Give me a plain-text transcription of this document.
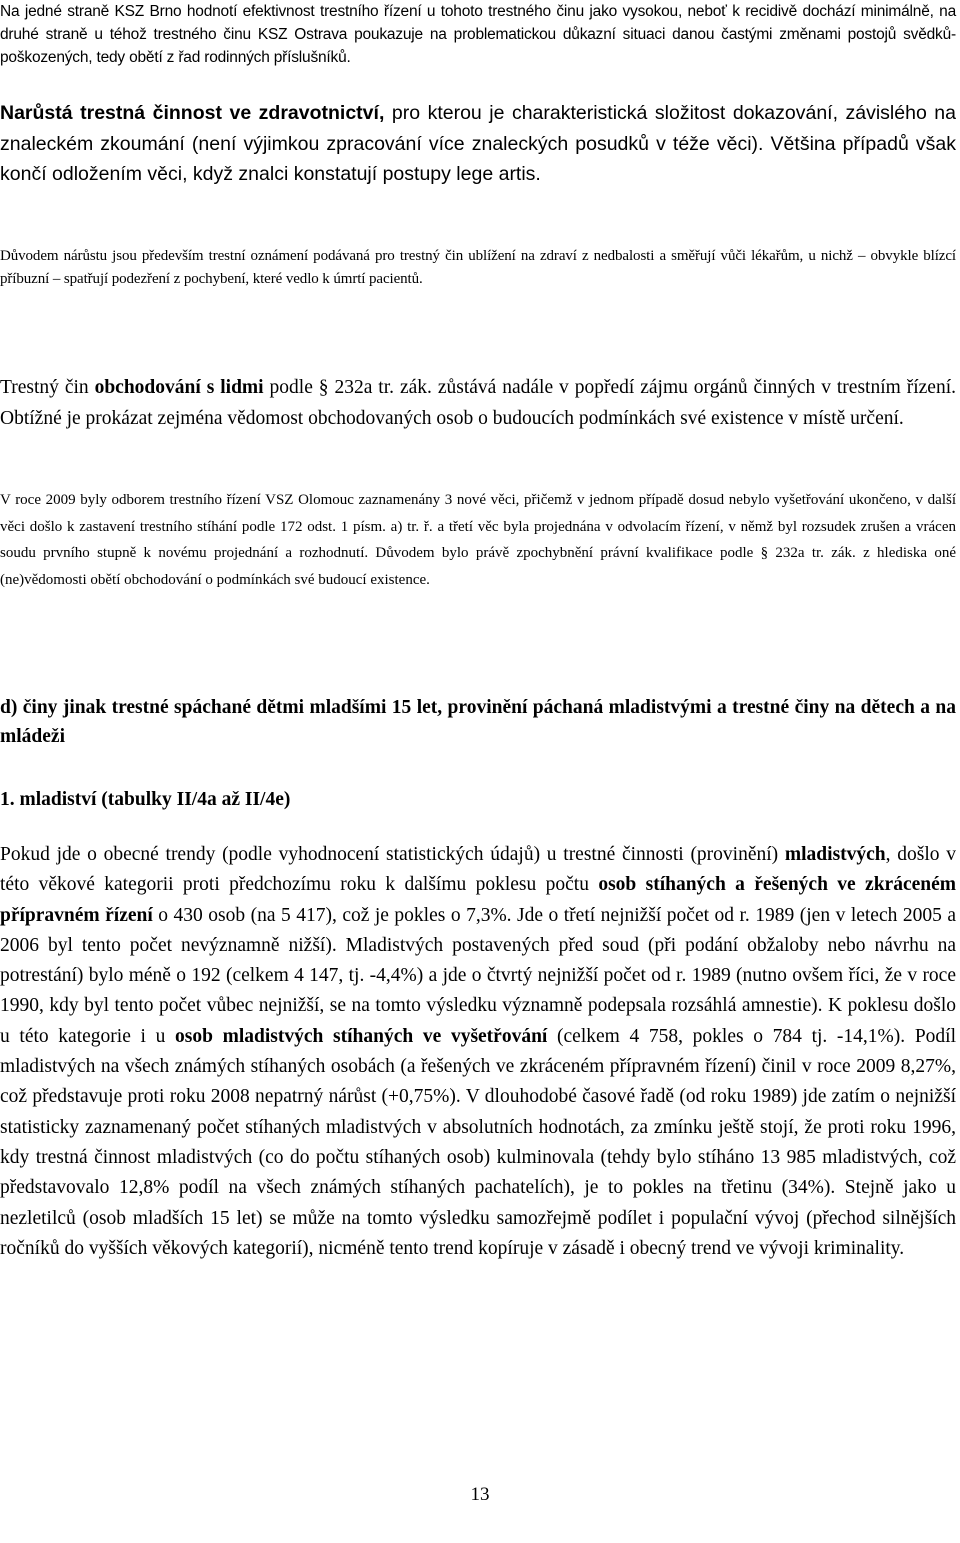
Na jedné straně KSZ Brno hodnotí efektivnost trestního řízení u tohoto trestného činu jako vysokou, neboť k recidivě dochází minimálně, na druhé straně u téhož trestného činu KSZ Ostrava poukazuje na problematickou důkazní situaci danou častými změnami postojů svědků-poškozených, tedy obětí z řad rodinných příslušníků.

Narůstá trestná činnost ve zdravotnictví, pro kterou je charakteristická složitost dokazování, závislého na znaleckém zkoumání (není výjimkou zpracování více znaleckých posudků v téže věci). Většina případů však končí odložením věci, když znalci konstatují postupy lege artis.

Důvodem nárůstu jsou především trestní oznámení podávaná pro trestný čin ublížení na zdraví z nedbalosti a směřují vůči lékařům, u nichž – obvykle blízcí příbuzní – spatřují podezření z pochybení, které vedlo k úmrtí pacientů.

Trestný čin obchodování s lidmi podle § 232a tr. zák. zůstává nadále v popředí zájmu orgánů činných v trestním řízení. Obtížné je prokázat zejména vědomost obchodovaných osob o budoucích podmínkách své existence v místě určení.

V roce 2009 byly odborem trestního řízení VSZ Olomouc zaznamenány 3 nové věci, přičemž v jednom případě dosud nebylo vyšetřování ukončeno, v další věci došlo k zastavení trestního stíhání podle 172 odst. 1 písm. a) tr. ř. a třetí věc byla projednána v odvolacím řízení, v němž byl rozsudek zrušen a vrácen soudu prvního stupně k novému projednání a rozhodnutí. Důvodem bylo právě zpochybnění právní kvalifikace podle § 232a tr. zák. z hlediska oné (ne)vědomosti obětí obchodování o podmínkách své budoucí existence.

d) činy jinak trestné spáchané dětmi mladšími 15 let, provinění páchaná mladistvými a trestné činy na dětech a na mládeži

1. mladiství (tabulky II/4a až II/4e)

Pokud jde o obecné trendy (podle vyhodnocení statistických údajů) u trestné činnosti (provinění) mladistvých, došlo v této věkové kategorii proti předchozímu roku k dalšímu poklesu počtu osob stíhaných a řešených ve zkráceném přípravném řízení o 430 osob (na 5 417), což je pokles o 7,3%. Jde o třetí nejnižší počet od r. 1989 (jen v letech 2005 a 2006 byl tento počet nevýznamně nižší). Mladistvých postavených před soud (při podání obžaloby nebo návrhu na potrestání) bylo méně o 192 (celkem 4 147, tj. -4,4%) a jde o čtvrtý nejnižší počet od r. 1989 (nutno ovšem říci, že v roce 1990, kdy byl tento počet vůbec nejnižší, se na tomto výsledku významně podepsala rozsáhlá amnestie). K poklesu došlo u této kategorie i u osob mladistvých stíhaných ve vyšetřování (celkem 4 758, pokles o 784 tj. -14,1%). Podíl mladistvých na všech známých stíhaných osobách (a řešených ve zkráceném přípravném řízení) činil v roce 2009 8,27%, což představuje proti roku 2008 nepatrný nárůst (+0,75%). V dlouhodobé časové řadě (od roku 1989) jde zatím o nejnižší statisticky zaznamenaný počet stíhaných mladistvých v absolutních hodnotách, za zmínku ještě stojí, že proti roku 1996, kdy trestná činnost mladistvých (co do počtu stíhaných osob) kulminovala (tehdy bylo stíháno 13 985 mladistvých, což představovalo 12,8% podíl na všech známých stíhaných pachatelích), je to pokles na třetinu (34%). Stejně jako u nezletilců (osob mladších 15 let) se může na tomto výsledku samozřejmě podílet i populační vývoj (přechod silnějších ročníků do vyšších věkových kategorií), nicméně tento trend kopíruje v zásadě i obecný trend ve vývoji kriminality.

13
